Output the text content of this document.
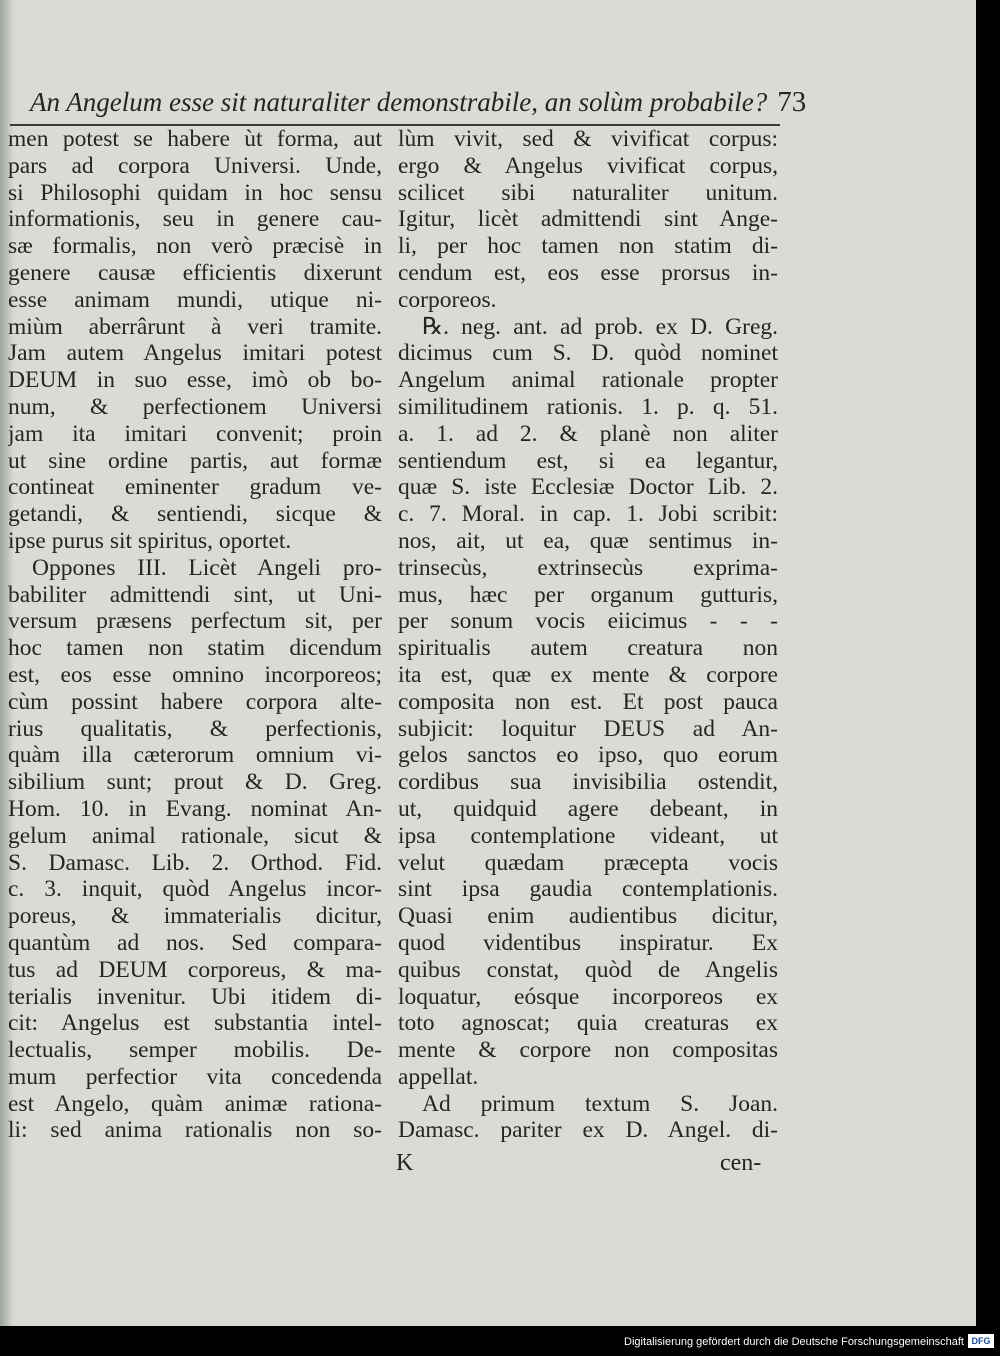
An Angelum esse sit naturaliter demonstrabile, an solùm probabile? 73
men potest se habere ùt forma, aut
pars ad corpora Universi. Unde,
si Philosophi quidam in hoc sensu
informationis, seu in genere cau-
sæ formalis, non verò præcisè in
genere causæ efficientis dixerunt
esse animam mundi, utique ni-
miùm aberrârunt à veri tramite.
Jam autem Angelus imitari potest
DEUM in suo esse, imò ob bo-
num, & perfectionem Universi
jam ita imitari convenit; proin
ut sine ordine partis, aut formæ
contineat eminenter gradum ve-
getandi, & sentiendi, sicque &
ipse purus sit spiritus, oportet.
Oppones III. Licèt Angeli pro-
babiliter admittendi sint, ut Uni-
versum præsens perfectum sit, per
hoc tamen non statim dicendum
est, eos esse omnino incorporeos;
cùm possint habere corpora alte-
rius qualitatis, & perfectionis,
quàm illa cæterorum omnium vi-
sibilium sunt; prout & D. Greg.
Hom. 10. in Evang. nominat An-
gelum animal rationale, sicut &
S. Damasc. Lib. 2. Orthod. Fid.
c. 3. inquit, quòd Angelus incor-
poreus, & immaterialis dicitur,
quantùm ad nos. Sed compara-
tus ad DEUM corporeus, & ma-
terialis invenitur. Ubi itidem di-
cit: Angelus est substantia intel-
lectualis, semper mobilis. De-
mum perfectior vita concedenda
est Angelo, quàm animæ rationa-
li: sed anima rationalis non so-
lùm vivit, sed & vivificat corpus:
ergo & Angelus vivificat corpus,
scilicet sibi naturaliter unitum.
Igitur, licèt admittendi sint Ange-
li, per hoc tamen non statim di-
cendum est, eos esse prorsus in-
corporeos.
℞. neg. ant. ad prob. ex D. Greg.
dicimus cum S. D. quòd nominet
Angelum animal rationale propter
similitudinem rationis. 1. p. q. 51.
a. 1. ad 2. & planè non aliter
sentiendum est, si ea legantur,
quæ S. iste Ecclesiæ Doctor Lib. 2.
c. 7. Moral. in cap. 1. Jobi scribit:
nos, ait, ut ea, quæ sentimus in-
trinsecùs, extrinsecùs exprima-
mus, hæc per organum gutturis,
per sonum vocis eiicimus - - -
spiritualis autem creatura non
ita est, quæ ex mente & corpore
composita non est. Et post pauca
subjicit: loquitur DEUS ad An-
gelos sanctos eo ipso, quo eorum
cordibus sua invisibilia ostendit,
ut, quidquid agere debeant, in
ipsa contemplatione videant, ut
velut quædam præcepta vocis
sint ipsa gaudia contemplationis.
Quasi enim audientibus dicitur,
quod videntibus inspiratur. Ex
quibus constat, quòd de Angelis
loquatur, eósque incorporeos ex
toto agnoscat; quia creaturas ex
mente & corpore non compositas
appellat.
Ad primum textum S. Joan.
Damasc. pariter ex D. Angel. di-
K	cen-
Digitalisierung gefördert durch die Deutsche Forschungsgemeinschaft DFG
